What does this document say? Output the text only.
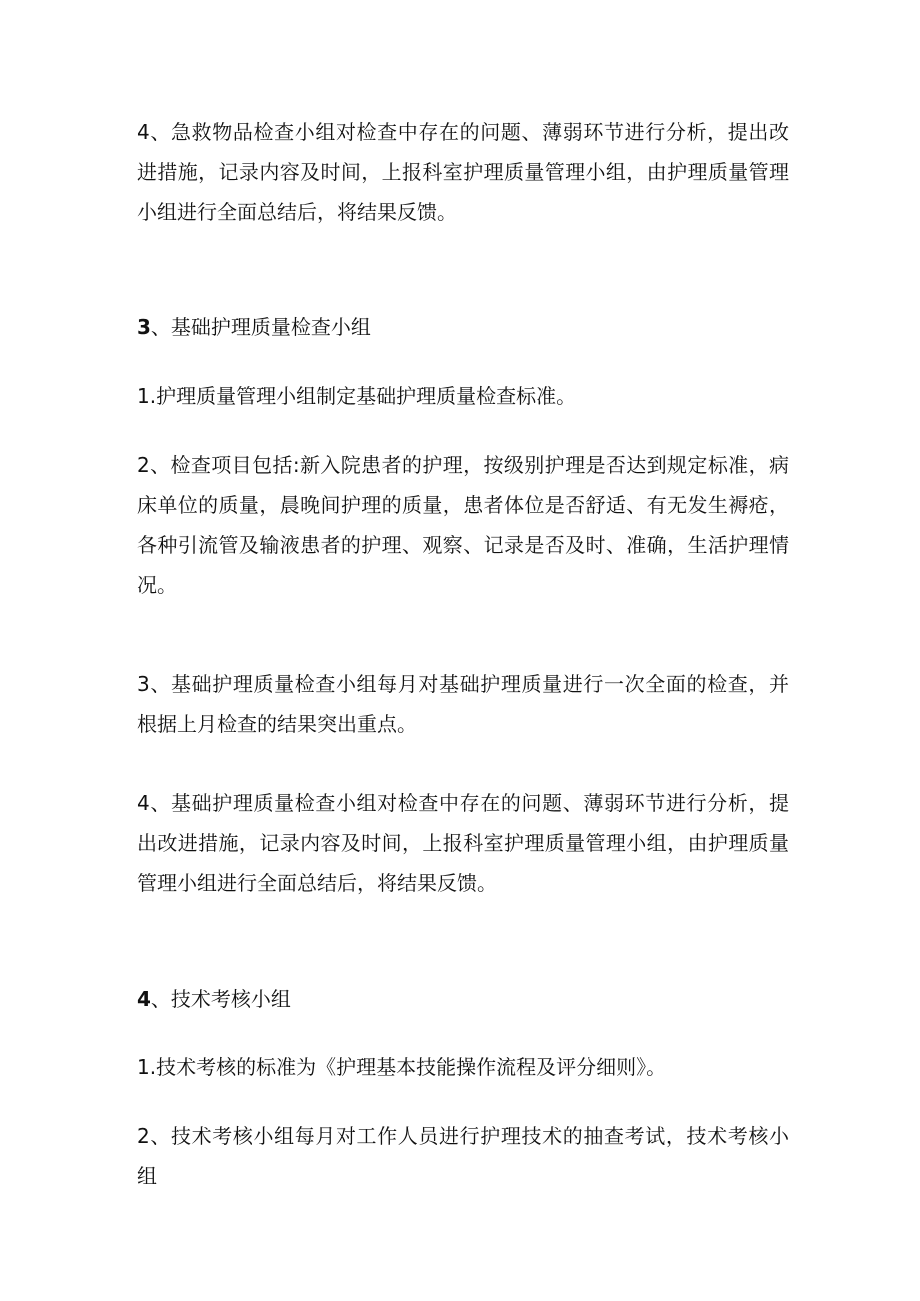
4、急救物品检查小组对检查中存在的问题、薄弱环节进行分析，提出改进措施，记录内容及时间，上报科室护理质量管理小组，由护理质量管理小组进行全面总结后，将结果反馈。

3、基础护理质量检查小组

1.护理质量管理小组制定基础护理质量检查标准。

2、检查项目包括:新入院患者的护理，按级别护理是否达到规定标准，病床单位的质量，晨晚间护理的质量，患者体位是否舒适、有无发生褥疮，各种引流管及输液患者的护理、观察、记录是否及时、准确，生活护理情况。

3、基础护理质量检查小组每月对基础护理质量进行一次全面的检查，并根据上月检查的结果突出重点。

4、基础护理质量检查小组对检查中存在的问题、薄弱环节进行分析，提出改进措施，记录内容及时间，上报科室护理质量管理小组，由护理质量管理小组进行全面总结后，将结果反馈。

4、技术考核小组

1.技术考核的标准为《护理基本技能操作流程及评分细则》。

2、技术考核小组每月对工作人员进行护理技术的抽查考试，技术考核小组
